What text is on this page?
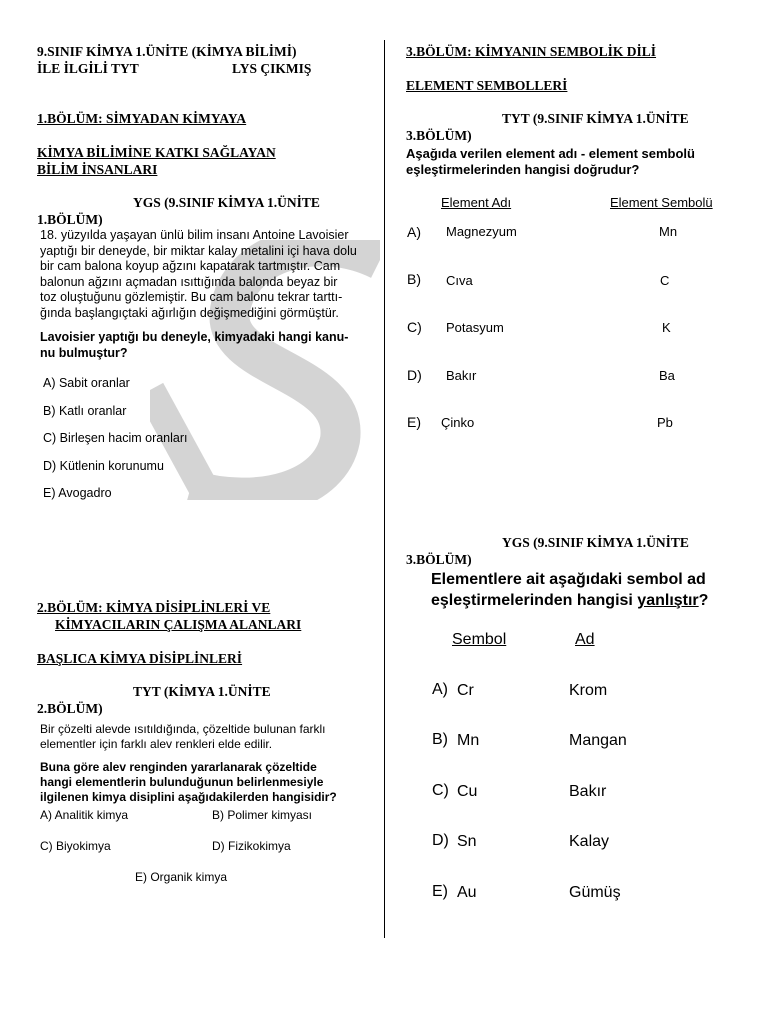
9.SINIF KİMYA 1.ÜNİTE (KİMYA BİLİMİ)
İLE İLGİLİ TYT	LYS ÇIKMIŞ
1.BÖLÜM: SİMYADAN KİMYAYA
KİMYA BİLİMİNE KATKI SAĞLAYAN
BİLİM İNSANLARI
YGS (9.SINIF KİMYA 1.ÜNİTE
1.BÖLÜM)
18. yüzyılda yaşayan ünlü bilim insanı Antoine Lavoisier
yaptığı bir deneyde, bir miktar kalay metalini içi hava dolu
bir cam balona koyup ağzını kapatarak tartmıştır. Cam
balonun ağzını açmadan ısıttığında balonda beyaz bir
toz oluştuğunu gözlemiştir. Bu cam balonu tekrar tarttı-
ğında başlangıçtaki ağırlığın değişmediğini görmüştür.
Lavoisier yaptığı bu deneyle, kimyadaki hangi kanu-
nu bulmuştur?
A) Sabit oranlar
B) Katlı oranlar
C) Birleşen hacim oranları
D) Kütlenin korunumu
E) Avogadro
2.BÖLÜM: KİMYA DİSİPLİNLERİ VE
KİMYACILARIN ÇALIŞMA ALANLARI
BAŞLICA KİMYA DİSİPLİNLERİ
TYT (KİMYA 1.ÜNİTE
2.BÖLÜM)
Bir çözelti alevde ısıtıldığında, çözeltide bulunan farklı
elementler için farklı alev renkleri elde edilir.
Buna göre alev renginden yararlanarak çözeltide
hangi elementlerin bulunduğunun belirlenmesiyle
ilgilenen kimya disiplini aşağıdakilerden hangisidir?
A) Analitik kimya	B) Polimer kimyası
C) Biyokimya	D) Fizikokimya
E) Organik kimya
3.BÖLÜM: KİMYANIN SEMBOLİK DİLİ
ELEMENT SEMBOLLERİ
TYT (9.SINIF KİMYA 1.ÜNİTE
3.BÖLÜM)
Aşağıda verilen element adı - element sembolü
eşleştirmelerinden hangisi doğrudur?
Element Adı	Element Sembolü
A) Magnezyum	Mn
B) Cıva	C
C) Potasyum	K
D) Bakır	Ba
E) Çinko	Pb
YGS (9.SINIF KİMYA 1.ÜNİTE
3.BÖLÜM)
Elementlere ait aşağıdaki sembol ad
eşleştirmelerinden hangisi yanlıştır?
Sembol	Ad
A) Cr	Krom
B) Mn	Mangan
C) Cu	Bakır
D) Sn	Kalay
E) Au	Gümüş
